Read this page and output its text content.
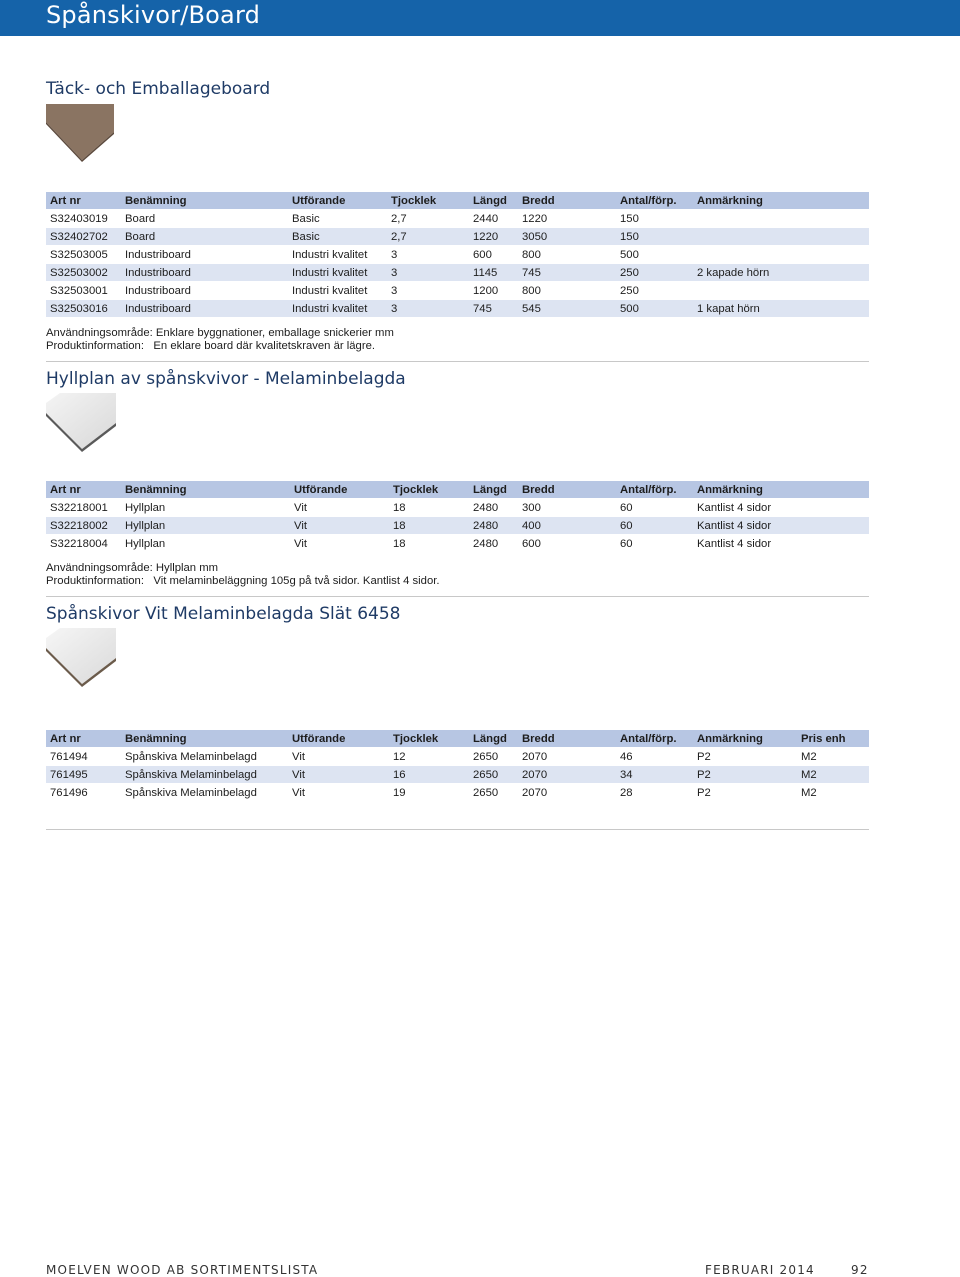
Spånskivor/Board
Täck- och Emballageboard
Art nr	Benämning	Utförande	Tjocklek	Längd	Bredd	Antal/förp.	Anmärkning
S32403019	Board	Basic	2,7	2440	1220	150	
S32402702	Board	Basic	2,7	1220	3050	150	
S32503005	Industriboard	Industri kvalitet	3	600	800	500	
S32503002	Industriboard	Industri kvalitet	3	1145	745	250	2 kapade hörn
S32503001	Industriboard	Industri kvalitet	3	1200	800	250	
S32503016	Industriboard	Industri kvalitet	3	745	545	500	1 kapat hörn
Användningsområde: Enklare byggnationer, emballage snickerier mm
Produktinformation:   En eklare board där kvalitetskraven är lägre.
Hyllplan av spånskvivor - Melaminbelagda
Art nr	Benämning	Utförande	Tjocklek	Längd	Bredd	Antal/förp.	Anmärkning
S32218001	Hyllplan	Vit	18	2480	300	60	Kantlist 4 sidor
S32218002	Hyllplan	Vit	18	2480	400	60	Kantlist 4 sidor
S32218004	Hyllplan	Vit	18	2480	600	60	Kantlist 4 sidor
Användningsområde: Hyllplan mm
Produktinformation:   Vit melaminbeläggning 105g på två sidor. Kantlist 4 sidor.
Spånskivor Vit Melaminbelagda Slät 6458
Art nr	Benämning	Utförande	Tjocklek	Längd	Bredd	Antal/förp.	Anmärkning	Pris enh
761494	Spånskiva Melaminbelagd	Vit	12	2650	2070	46	P2	M2
761495	Spånskiva Melaminbelagd	Vit	16	2650	2070	34	P2	M2
761496	Spånskiva Melaminbelagd	Vit	19	2650	2070	28	P2	M2
MOELVEN WOOD AB SORTIMENTSLISTA	FEBRUARI 2014	92
